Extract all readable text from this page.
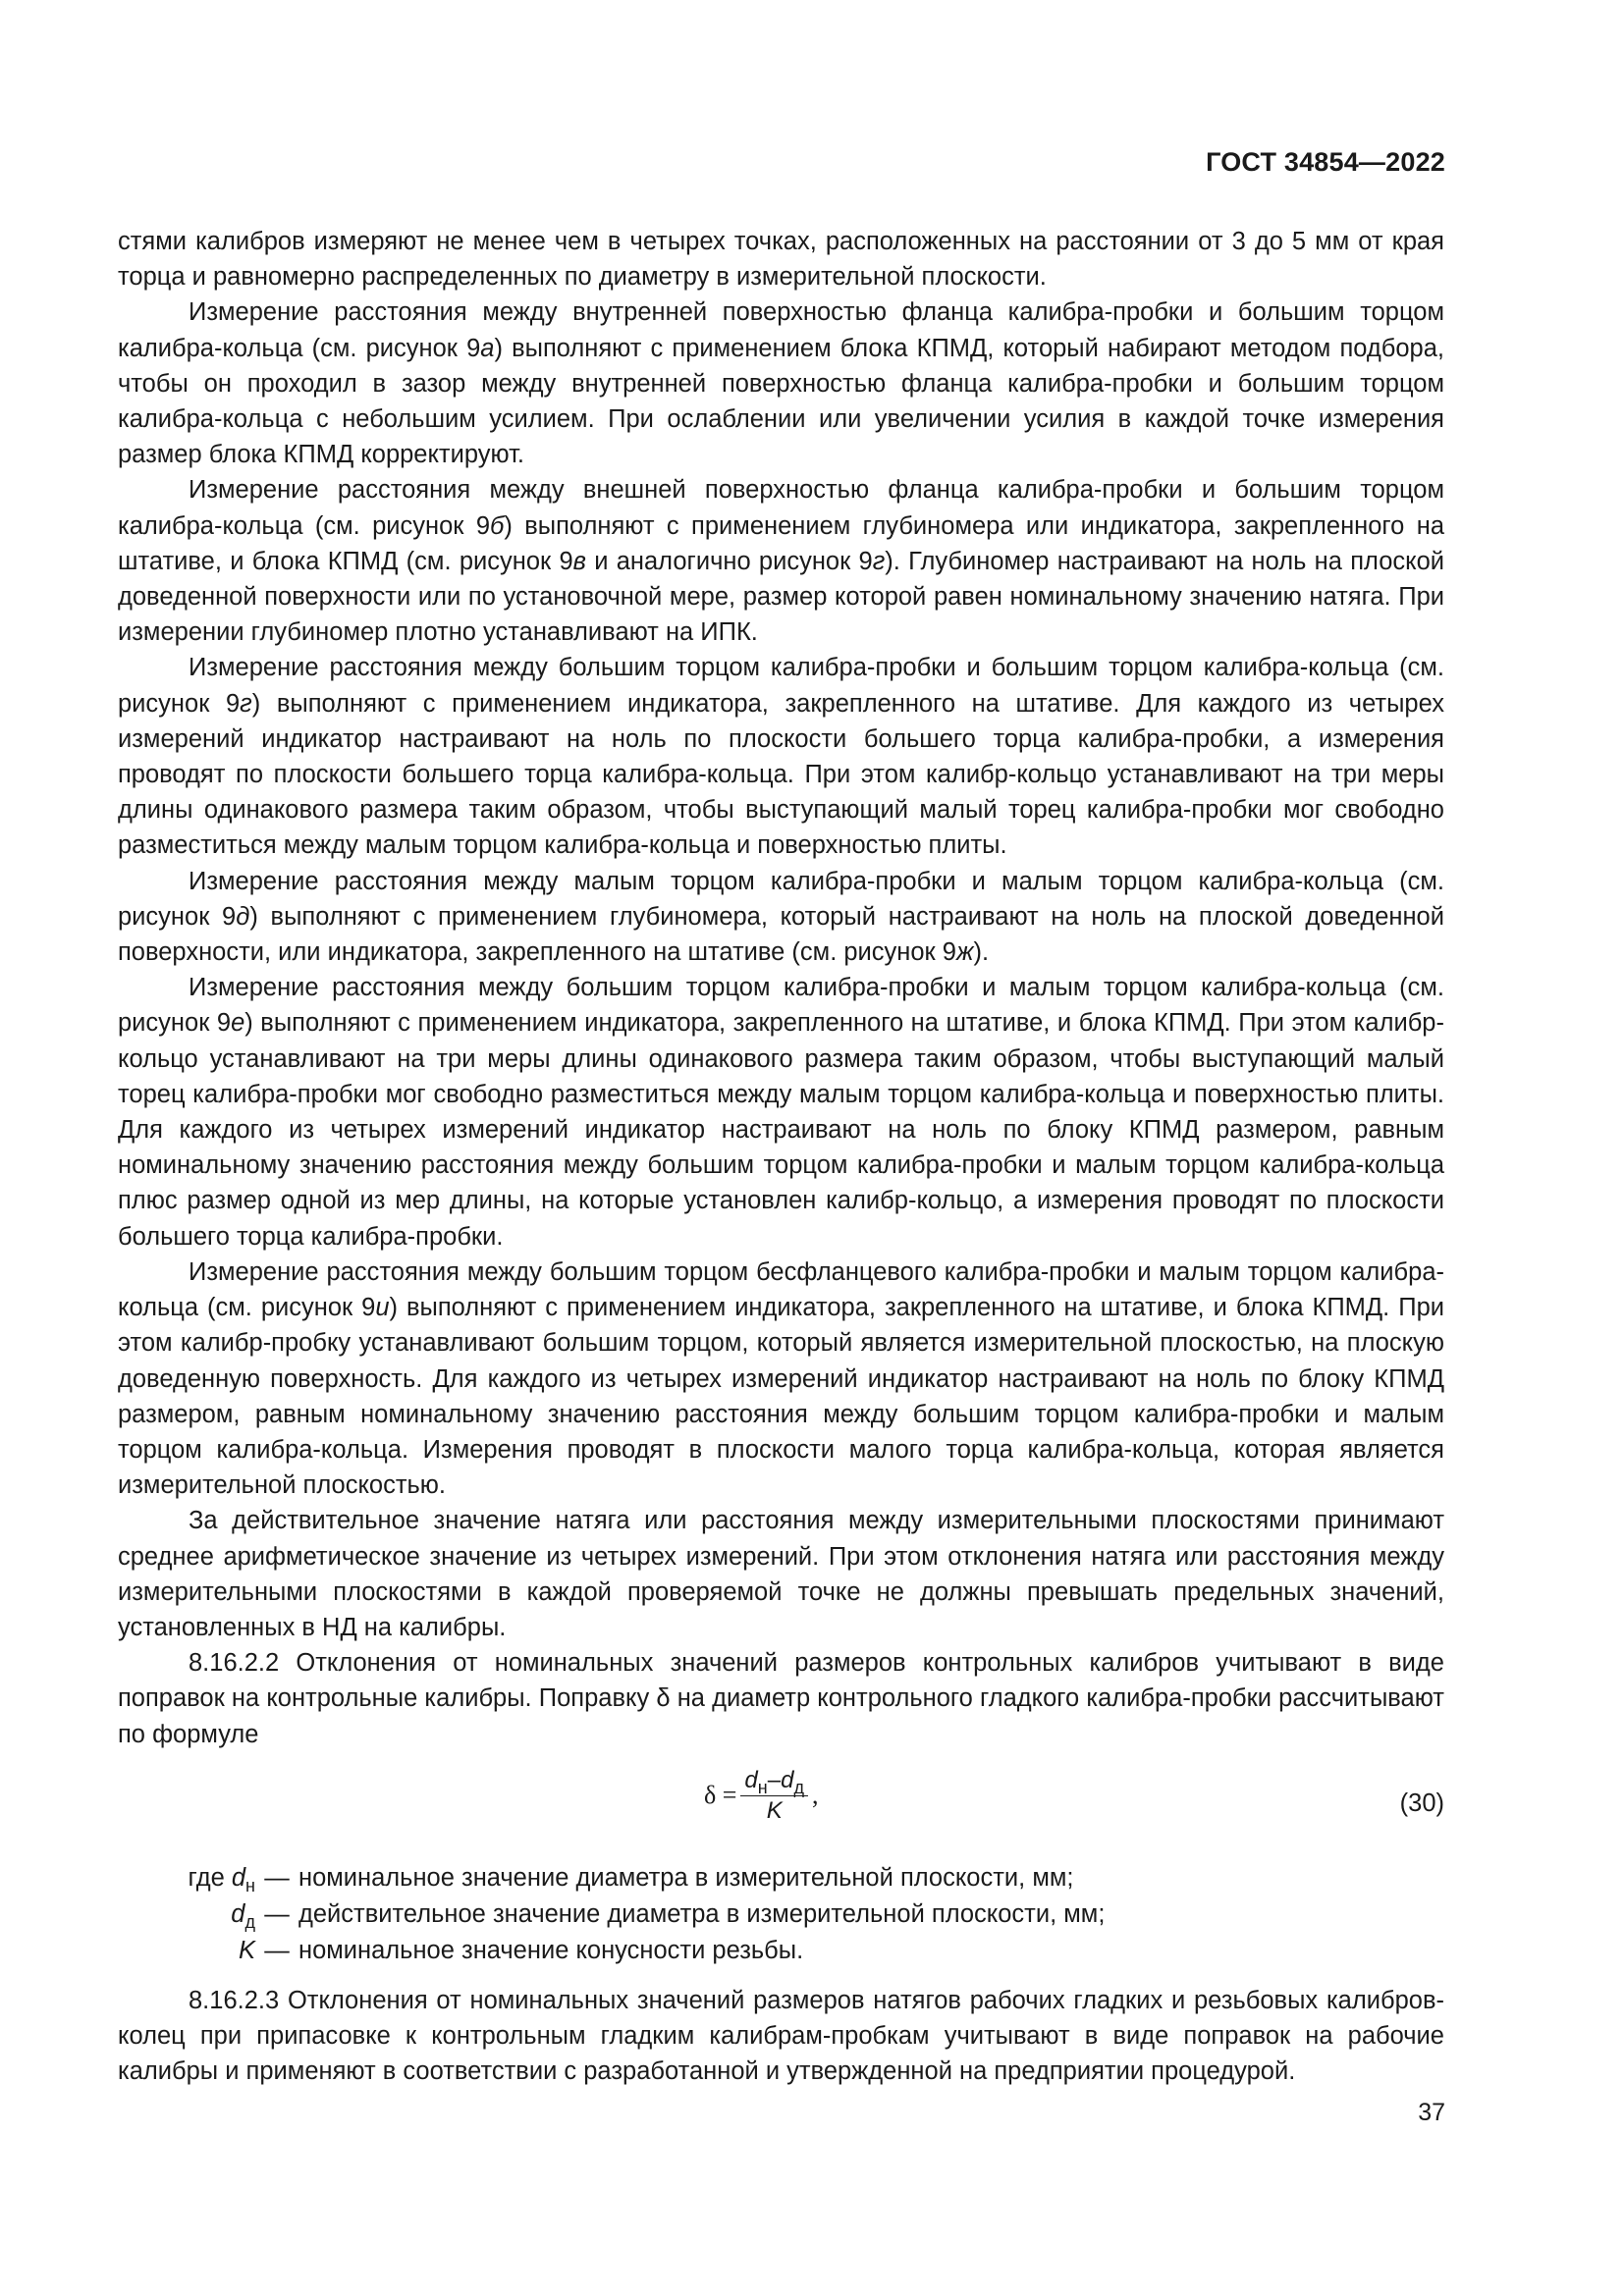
ГОСТ 34854—2022

стями калибров измеряют не менее чем в четырех точках, расположенных на расстоянии от 3 до 5 мм от края торца и равномерно распределенных по диаметру в измерительной плоскости.

Измерение расстояния между внутренней поверхностью фланца калибра-пробки и большим торцом калибра-кольца (см. рисунок 9а) выполняют с применением блока КПМД, который набирают методом подбора, чтобы он проходил в зазор между внутренней поверхностью фланца калибра-пробки и большим торцом калибра-кольца с небольшим усилием. При ослаблении или увеличении усилия в каждой точке измерения размер блока КПМД корректируют.

Измерение расстояния между внешней поверхностью фланца калибра-пробки и большим торцом калибра-кольца (см. рисунок 9б) выполняют с применением глубиномера или индикатора, закрепленного на штативе, и блока КПМД (см. рисунок 9в и аналогично рисунок 9г). Глубиномер настраивают на ноль на плоской доведенной поверхности или по установочной мере, размер которой равен номинальному значению натяга. При измерении глубиномер плотно устанавливают на ИПК.

Измерение расстояния между большим торцом калибра-пробки и большим торцом калибра-кольца (см. рисунок 9г) выполняют с применением индикатора, закрепленного на штативе. Для каждого из четырех измерений индикатор настраивают на ноль по плоскости большего торца калибра-пробки, а измерения проводят по плоскости большего торца калибра-кольца. При этом калибр-кольцо устанавливают на три меры длины одинакового размера таким образом, чтобы выступающий малый торец калибра-пробки мог свободно разместиться между малым торцом калибра-кольца и поверхностью плиты.

Измерение расстояния между малым торцом калибра-пробки и малым торцом калибра-кольца (см. рисунок 9д) выполняют с применением глубиномера, который настраивают на ноль на плоской доведенной поверхности, или индикатора, закрепленного на штативе (см. рисунок 9ж).

Измерение расстояния между большим торцом калибра-пробки и малым торцом калибра-кольца (см. рисунок 9е) выполняют с применением индикатора, закрепленного на штативе, и блока КПМД. При этом калибр-кольцо устанавливают на три меры длины одинакового размера таким образом, чтобы выступающий малый торец калибра-пробки мог свободно разместиться между малым торцом калибра-кольца и поверхностью плиты. Для каждого из четырех измерений индикатор настраивают на ноль по блоку КПМД размером, равным номинальному значению расстояния между большим торцом калибра-пробки и малым торцом калибра-кольца плюс размер одной из мер длины, на которые установлен калибр-кольцо, а измерения проводят по плоскости большего торца калибра-пробки.

Измерение расстояния между большим торцом бесфланцевого калибра-пробки и малым торцом калибра-кольца (см. рисунок 9и) выполняют с применением индикатора, закрепленного на штативе, и блока КПМД. При этом калибр-пробку устанавливают большим торцом, который является измерительной плоскостью, на плоскую доведенную поверхность. Для каждого из четырех измерений индикатор настраивают на ноль по блоку КПМД размером, равным номинальному значению расстояния между большим торцом калибра-пробки и малым торцом калибра-кольца. Измерения проводят в плоскости малого торца калибра-кольца, которая является измерительной плоскостью.

За действительное значение натяга или расстояния между измерительными плоскостями принимают среднее арифметическое значение из четырех измерений. При этом отклонения натяга или расстояния между измерительными плоскостями в каждой проверяемой точке не должны превышать предельных значений, установленных в НД на калибры.

8.16.2.2 Отклонения от номинальных значений размеров контрольных калибров учитывают в виде поправок на контрольные калибры. Поправку δ на диаметр контрольного гладкого калибра-пробки рассчитывают по формуле

$\delta = \frac{d_н-d_д}{K}$ ,	(30)
где $d_н$ — номинальное значение диаметра в измерительной плоскости, мм;
$d_д$ — действительное значение диаметра в измерительной плоскости, мм;
K — номинальное значение конусности резьбы.

8.16.2.3 Отклонения от номинальных значений размеров натягов рабочих гладких и резьбовых калибров-колец при припасовке к контрольным гладким калибрам-пробкам учитывают в виде поправок на рабочие калибры и применяют в соответствии с разработанной и утвержденной на предприятии процедурой.

37
